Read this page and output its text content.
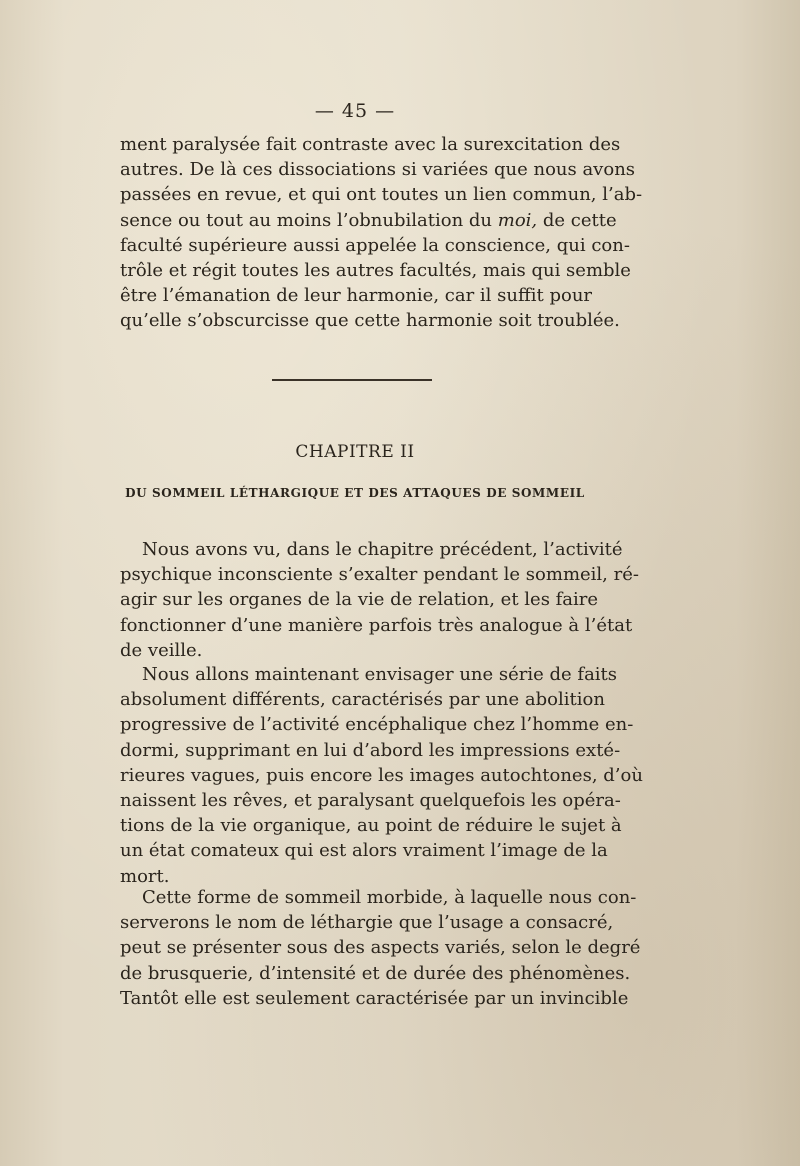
— 45 —
ment paralysée fait contraste avec la surexcitation des
autres. De là ces dissociations si variées que nous avons
passées en revue, et qui ont toutes un lien commun, l’ab-
sence ou tout au moins l’obnubilation du moi, de cette
faculté supérieure aussi appelée la conscience, qui con-
trôle et régit toutes les autres facultés, mais qui semble
être l’émanation de leur harmonie, car il suffit pour
qu’elle s’obscurcisse que cette harmonie soit troublée.
CHAPITRE II
DU SOMMEIL LÉTHARGIQUE ET DES ATTAQUES DE SOMMEIL
Nous avons vu, dans le chapitre précédent, l’activité
psychique inconsciente s’exalter pendant le sommeil, ré-
agir sur les organes de la vie de relation, et les faire
fonctionner d’une manière parfois très analogue à l’état
de veille.
Nous allons maintenant envisager une série de faits
absolument différents, caractérisés par une abolition
progressive de l’activité encéphalique chez l’homme en-
dormi, supprimant en lui d’abord les impressions exté-
rieures vagues, puis encore les images autochtones, d’où
naissent les rêves, et paralysant quelquefois les opéra-
tions de la vie organique, au point de réduire le sujet à
un état comateux qui est alors vraiment l’image de la
mort.
Cette forme de sommeil morbide, à laquelle nous con-
serverons le nom de léthargie que l’usage a consacré,
peut se présenter sous des aspects variés, selon le degré
de brusquerie, d’intensité et de durée des phénomènes.
Tantôt elle est seulement caractérisée par un invincible
